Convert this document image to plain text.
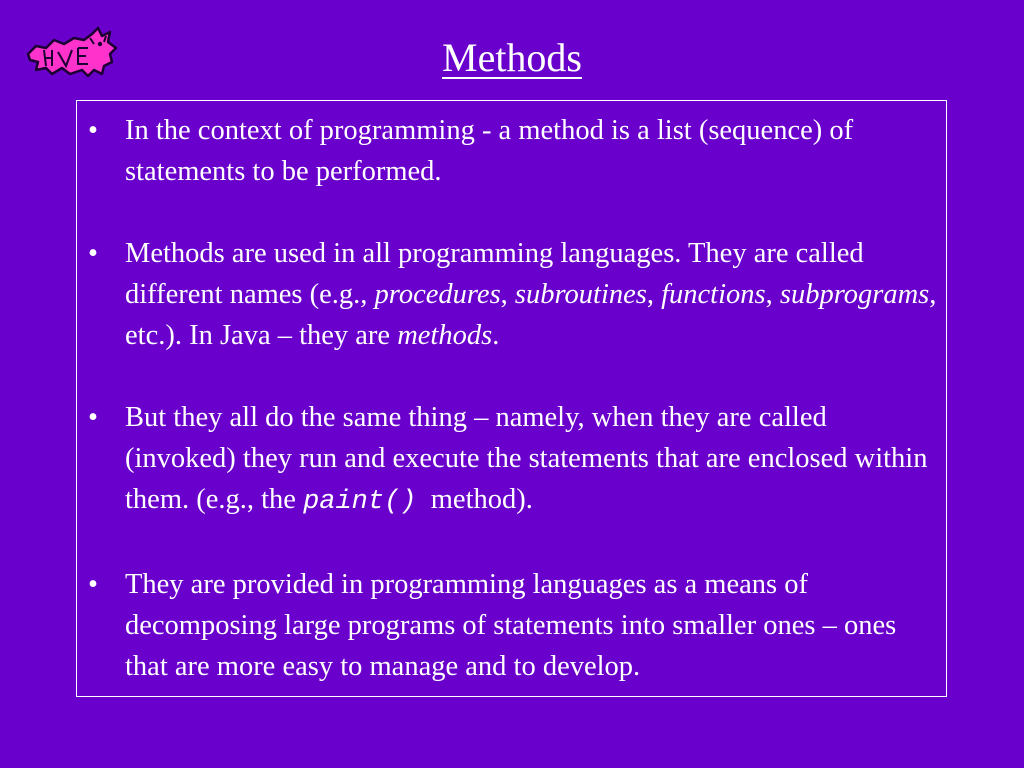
Methods
• In the context of programming - a method is a list (sequence) of statements to be performed.
• Methods are used in all programming languages. They are called different names (e.g., procedures, subroutines, functions, subprograms, etc.). In Java – they are methods.
• But they all do the same thing – namely, when they are called (invoked) they run and execute the statements that are enclosed within them. (e.g., the paint()  method).
• They are provided in programming languages as a means of decomposing large programs of statements into smaller ones – ones that are more easy to manage and to develop.
